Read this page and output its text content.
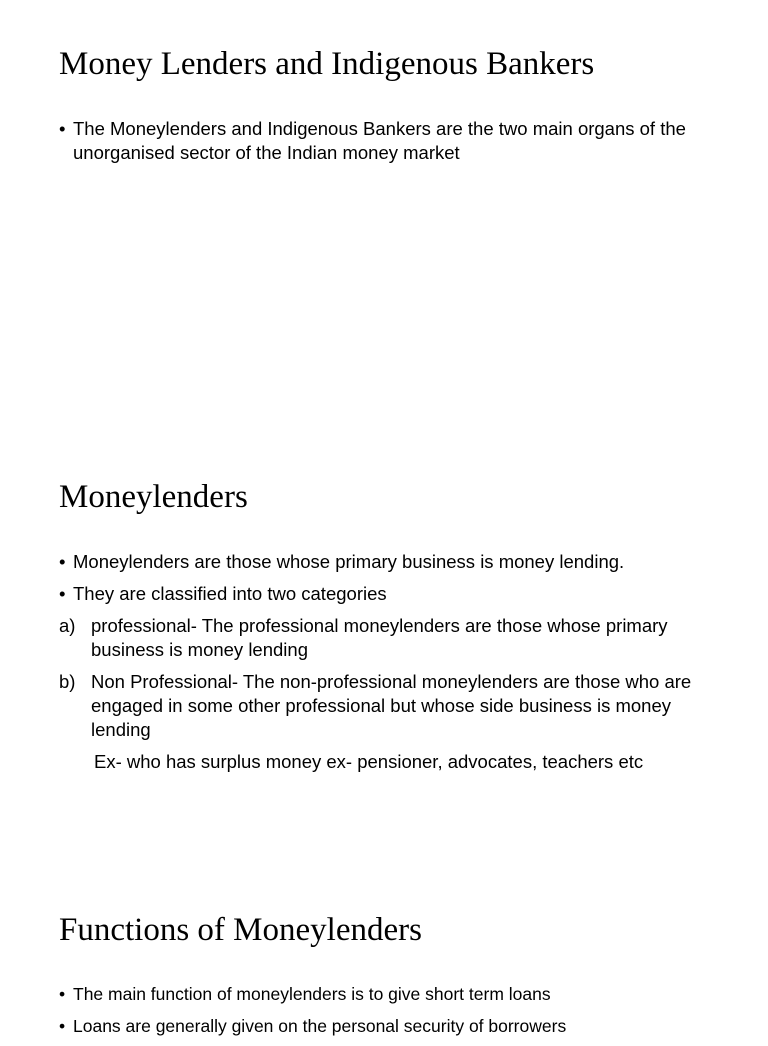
Money Lenders and Indigenous Bankers

• The Moneylenders and Indigenous Bankers are the two main organs of the unorganised sector of the Indian money market

Moneylenders

• Moneylenders are those whose primary business is money lending.

• They are classified into two categories

a) professional- The professional moneylenders are those whose primary business is money lending

b) Non Professional- The non-professional moneylenders are those who are engaged in some other professional but whose side business is money lending

Ex- who has surplus money ex- pensioner, advocates, teachers etc

Functions of Moneylenders

• The main function of moneylenders is to give short term loans

• Loans are generally given on the personal security of borrowers
